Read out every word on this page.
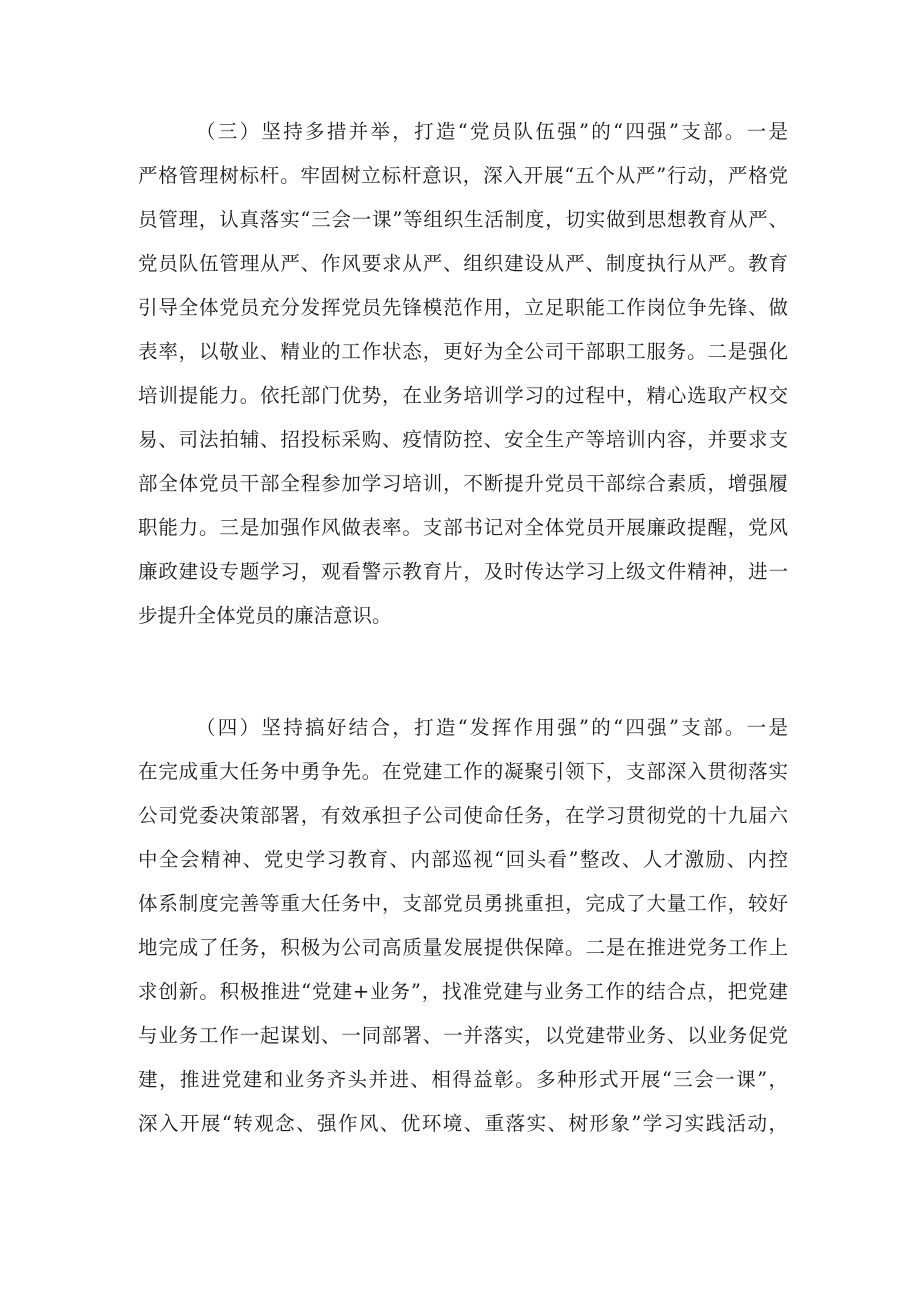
（三）坚持多措并举，打造“党员队伍强”的“四强”支部。一是
严格管理树标杆。牢固树立标杆意识，深入开展“五个从严”行动，严格党
员管理，认真落实“三会一课”等组织生活制度，切实做到思想教育从严、
党员队伍管理从严、作风要求从严、组织建设从严、制度执行从严。教育
引导全体党员充分发挥党员先锋模范作用，立足职能工作岗位争先锋、做
表率，以敬业、精业的工作状态，更好为全公司干部职工服务。二是强化
培训提能力。依托部门优势，在业务培训学习的过程中，精心选取产权交
易、司法拍辅、招投标采购、疫情防控、安全生产等培训内容，并要求支
部全体党员干部全程参加学习培训，不断提升党员干部综合素质，增强履
职能力。三是加强作风做表率。支部书记对全体党员开展廉政提醒，党风
廉政建设专题学习，观看警示教育片，及时传达学习上级文件精神，进一
步提升全体党员的廉洁意识。
（四）坚持搞好结合，打造“发挥作用强”的“四强”支部。一是
在完成重大任务中勇争先。在党建工作的凝聚引领下，支部深入贯彻落实
公司党委决策部署，有效承担子公司使命任务，在学习贯彻党的十九届六
中全会精神、党史学习教育、内部巡视“回头看”整改、人才激励、内控
体系制度完善等重大任务中，支部党员勇挑重担，完成了大量工作，较好
地完成了任务，积极为公司高质量发展提供保障。二是在推进党务工作上
求创新。积极推进“党建+业务”，找准党建与业务工作的结合点，把党建
与业务工作一起谋划、一同部署、一并落实，以党建带业务、以业务促党
建，推进党建和业务齐头并进、相得益彰。多种形式开展“三会一课”，
深入开展“转观念、强作风、优环境、重落实、树形象”学习实践活动，
